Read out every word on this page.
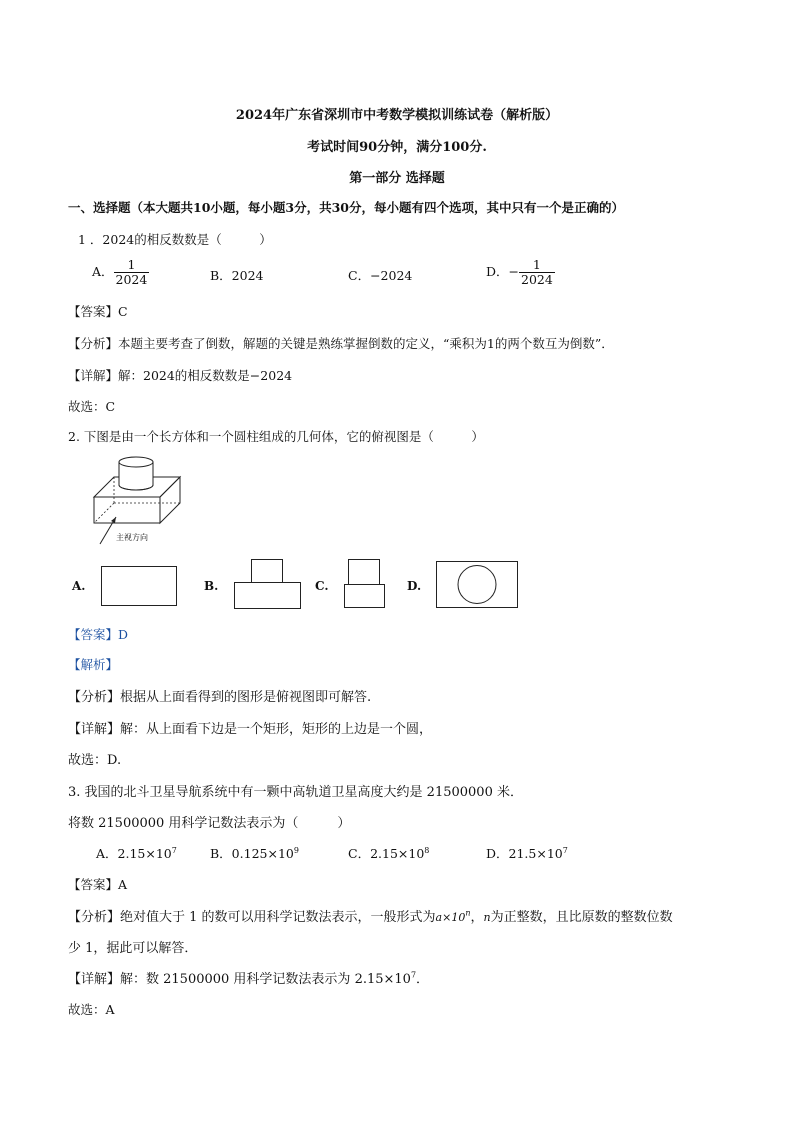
2024年广东省深圳市中考数学模拟训练试卷（解析版）
考试时间90分钟，满分100分.
第一部分 选择题
一、选择题（本大题共10小题，每小题3分，共30分，每小题有四个选项，其中只有一个是正确的）
1 ．2024的相反数数是（　　　）
A． $\frac{1}{2024}$	B．2024	C．−2024	D．− $\frac{1}{2024}$
【答案】C
【分析】本题主要考查了倒数，解题的关键是熟练掌握倒数的定义，“乘积为1的两个数互为倒数”．
【详解】解：2024的相反数数是−2024
故选：C
2. 下图是由一个长方体和一个圆柱组成的几何体，它的俯视图是（　　　）
主视方向
A.	B.	C.	D.
【答案】D
【解析】
【分析】根据从上面看得到的图形是俯视图即可解答.
【详解】解：从上面看下边是一个矩形，矩形的上边是一个圆，
故选：D.
3. 我国的北斗卫星导航系统中有一颗中高轨道卫星高度大约是 21500000 米．
将数 21500000 用科学记数法表示为（　　　）
A．$2.15\times 10^7$	B．$0.125\times 10^9$	C．$2.15\times 10^8$	D．$21.5\times 10^7$
【答案】A
【分析】绝对值大于 1 的数可以用科学记数法表示，一般形式为$a\times 10^n$，n为正整数，且比原数的整数位数
少 1，据此可以解答．
【详解】解：数 21500000 用科学记数法表示为 $2.15\times 10^7$．
故选：A
